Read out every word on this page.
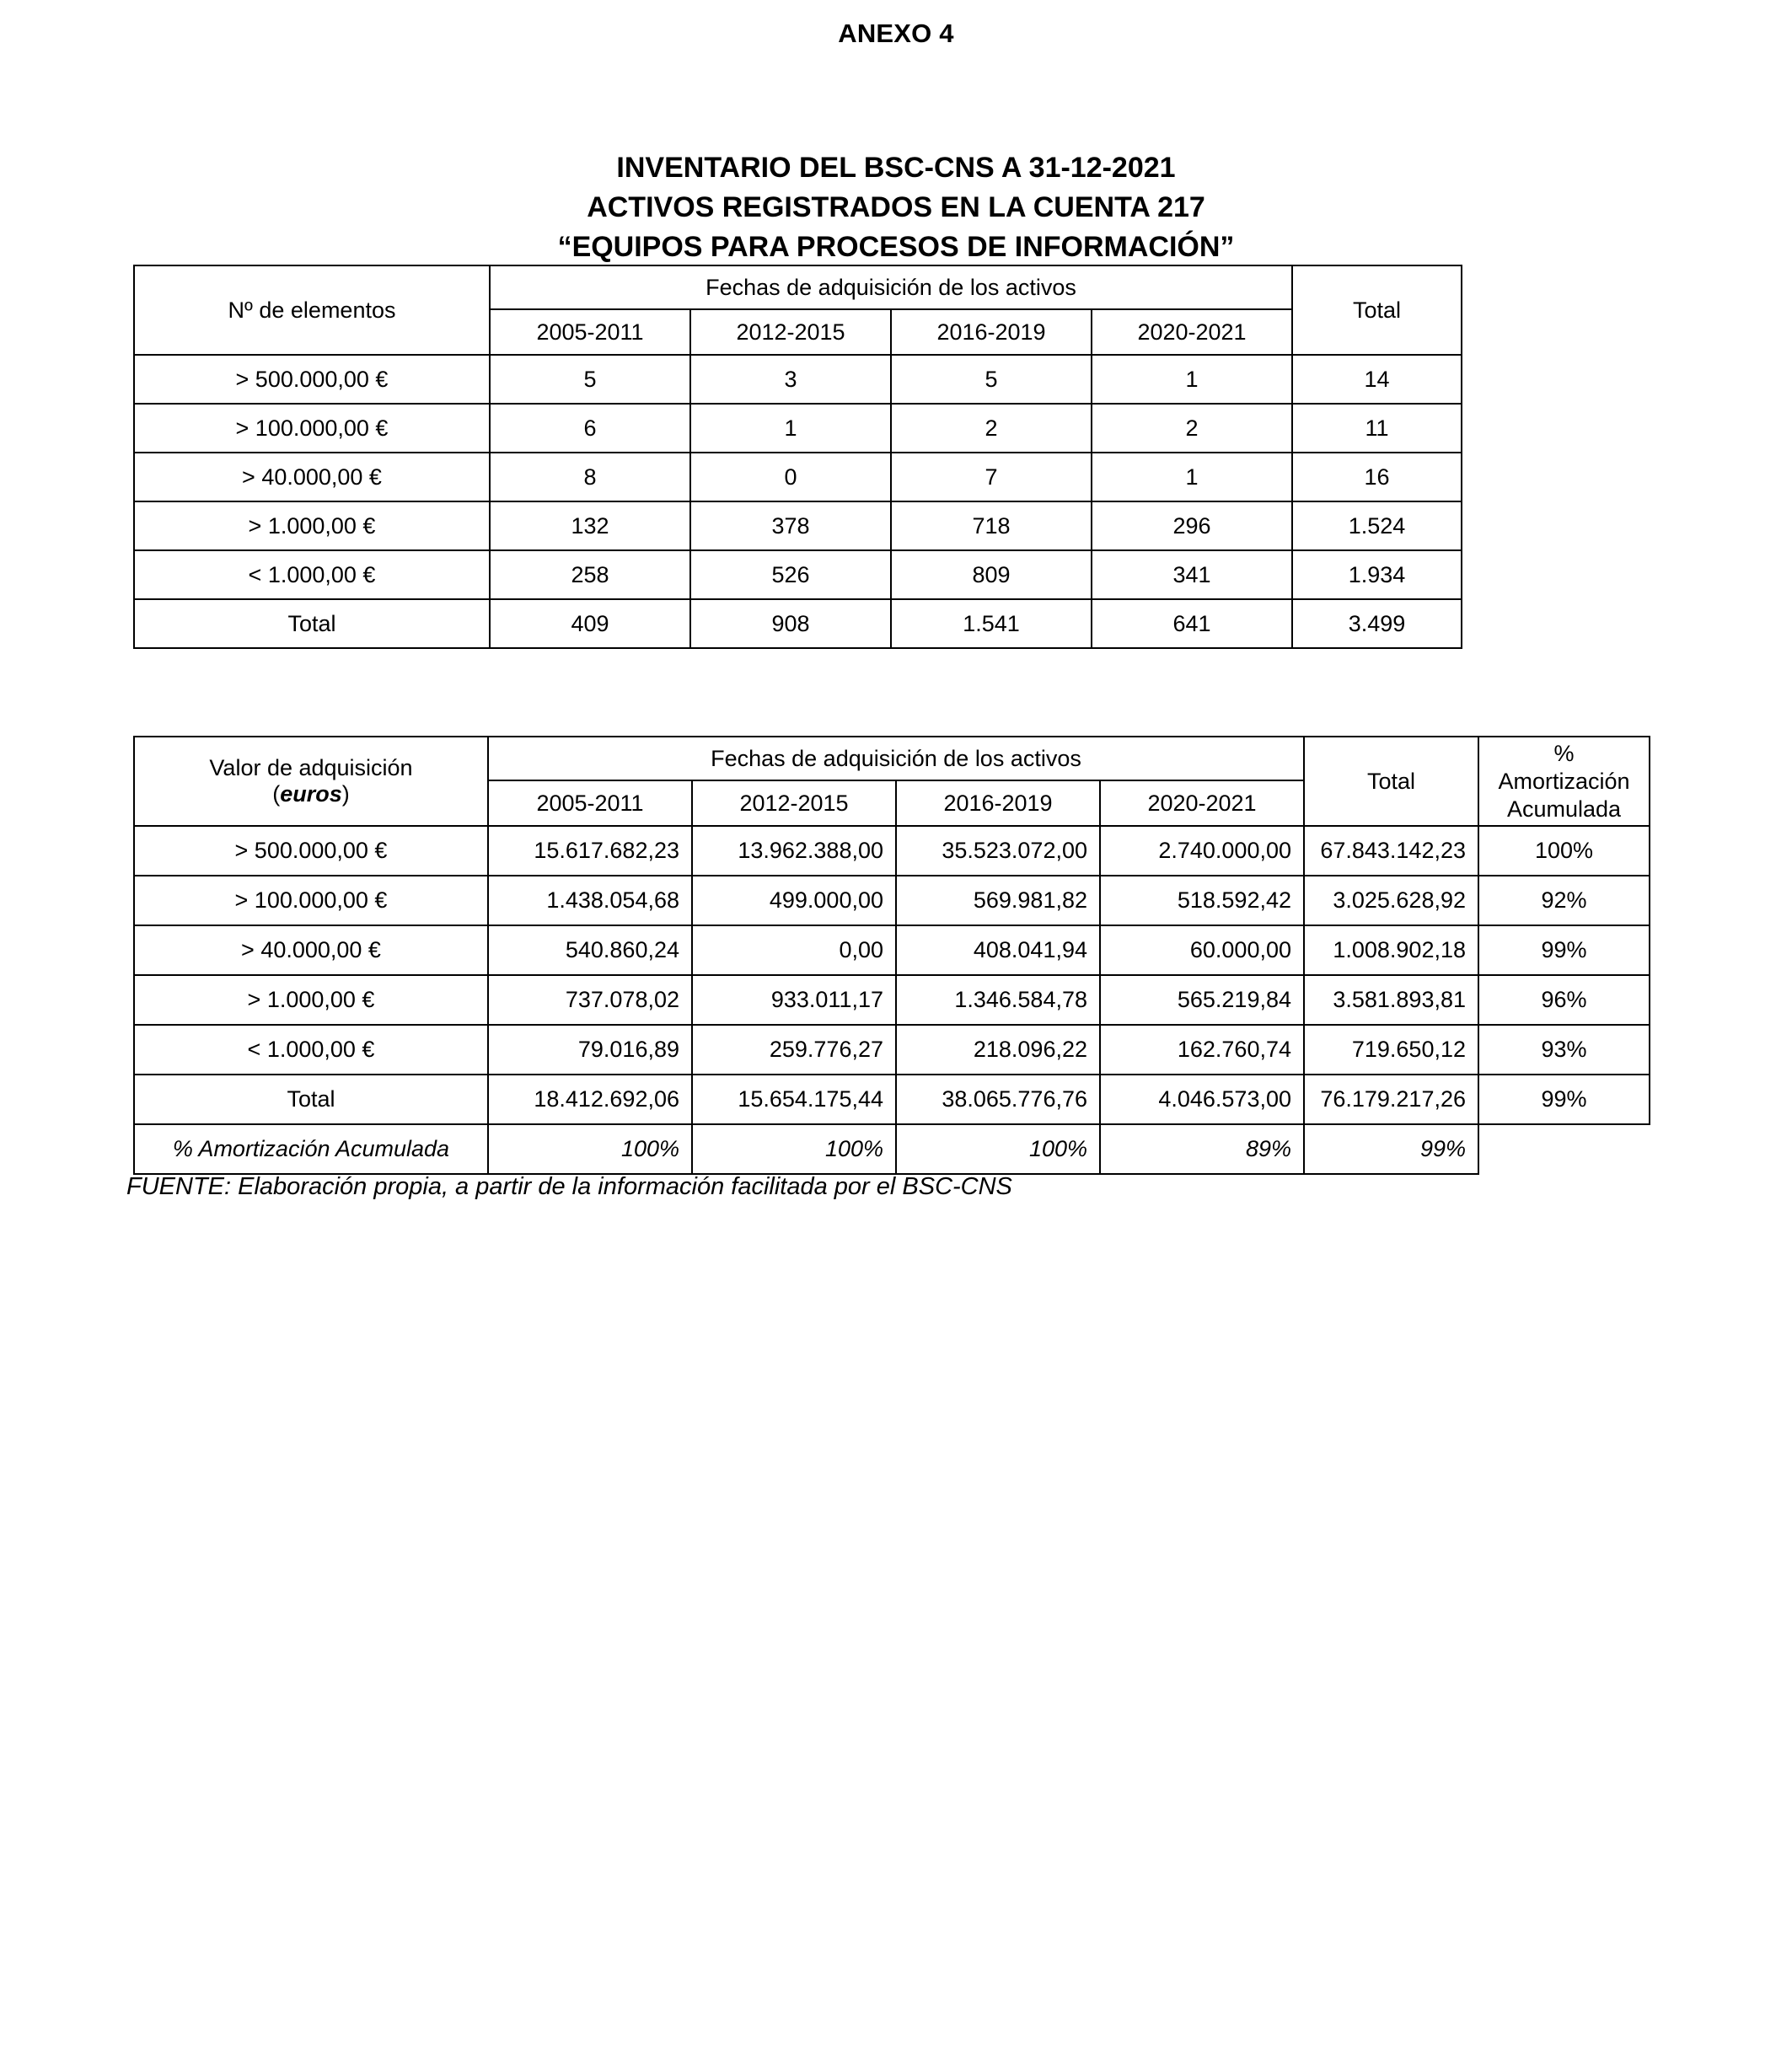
ANEXO 4
INVENTARIO DEL BSC-CNS A 31-12-2021
ACTIVOS REGISTRADOS EN LA CUENTA 217
“EQUIPOS PARA PROCESOS DE INFORMACIÓN”
Nº de elementos	Fechas de adquisición de los activos				Total
	2005-2011	2012-2015	2016-2019	2020-2021	
> 500.000,00 €	5	3	5	1	14
> 100.000,00 €	6	1	2	2	11
> 40.000,00 €	8	0	7	1	16
> 1.000,00 €	132	378	718	296	1.524
< 1.000,00 €	258	526	809	341	1.934
Total	409	908	1.541	641	3.499
Valor de adquisición
(euros)	Fechas de adquisición de los activos				Total	%
Amortización
Acumulada
	2005-2011	2012-2015	2016-2019	2020-2021		
> 500.000,00 €	15.617.682,23	13.962.388,00	35.523.072,00	2.740.000,00	67.843.142,23	100%
> 100.000,00 €	1.438.054,68	499.000,00	569.981,82	518.592,42	3.025.628,92	92%
> 40.000,00 €	540.860,24	0,00	408.041,94	60.000,00	1.008.902,18	99%
> 1.000,00 €	737.078,02	933.011,17	1.346.584,78	565.219,84	3.581.893,81	96%
< 1.000,00 €	79.016,89	259.776,27	218.096,22	162.760,74	719.650,12	93%
Total	18.412.692,06	15.654.175,44	38.065.776,76	4.046.573,00	76.179.217,26	99%
% Amortización Acumulada	100%	100%	100%	89%	99%	
FUENTE: Elaboración propia, a partir de la información facilitada por el BSC-CNS
